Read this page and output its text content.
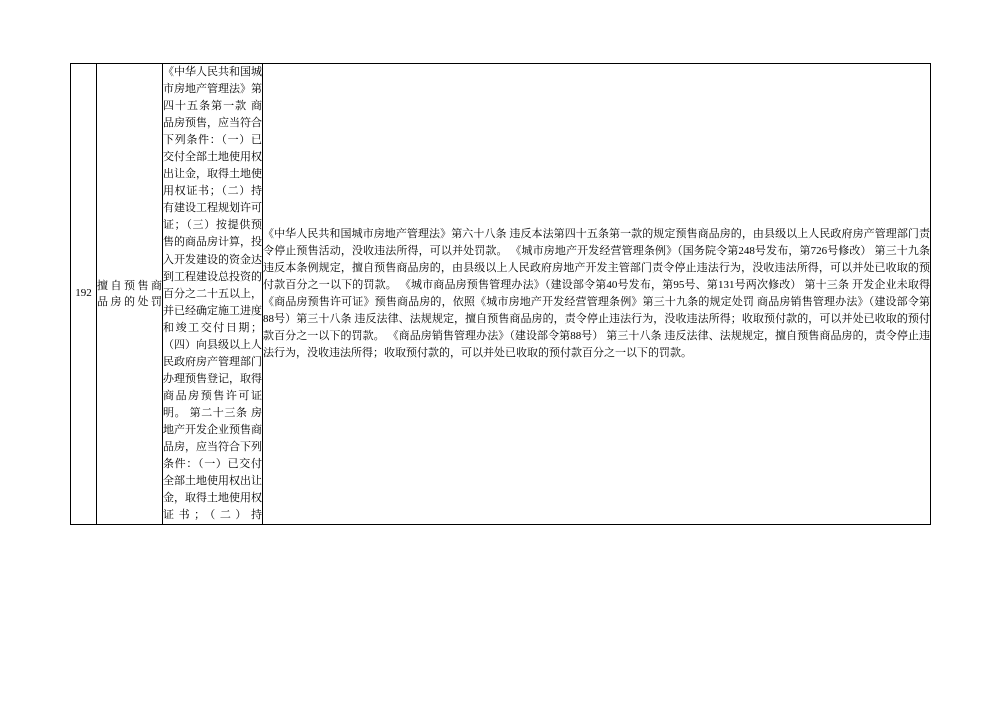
192	擅自预售商品房的处罚	《中华人民共和国城市房地产管理法》第四十五条第一款 商品房预售，应当符合下列条件：（一）已交付全部土地使用权出让金，取得土地使用权证书；（二）持有建设工程规划许可证；（三）按提供预售的商品房计算，投入开发建设的资金达到工程建设总投资的百分之二十五以上，并已经确定施工进度和竣工交付日期；（四）向县级以上人民政府房产管理部门办理预售登记，取得商品房预售许可证明。 第二十三条 房地产开发企业预售商品房，应当符合下列条件：（一）已交付全部土地使用权出让金，取得土地使用权证书；（二）持	《中华人民共和国城市房地产管理法》第六十八条 违反本法第四十五条第一款的规定预售商品房的，由县级以上人民政府房产管理部门责令停止预售活动，没收违法所得，可以并处罚款。 《城市房地产开发经营管理条例》（国务院令第248号发布，第726号修改） 第三十九条 违反本条例规定，擅自预售商品房的，由县级以上人民政府房地产开发主管部门责令停止违法行为，没收违法所得，可以并处已收取的预付款百分之一以下的罚款。 《城市商品房预售管理办法》（建设部令第40号发布，第95号、第131号两次修改） 第十三条 开发企业未取得《商品房预售许可证》预售商品房的，依照《城市房地产开发经营管理条例》第三十九条的规定处罚 商品房销售管理办法》（建设部令第88号）第三十八条 违反法律、法规规定，擅自预售商品房的，责令停止违法行为，没收违法所得；收取预付款的，可以并处已收取的预付款百分之一以下的罚款。 《商品房销售管理办法》（建设部令第88号） 第三十八条 违反法律、法规规定，擅自预售商品房的，责令停止违法行为，没收违法所得；收取预付款的，可以并处已收取的预付款百分之一以下的罚款。
